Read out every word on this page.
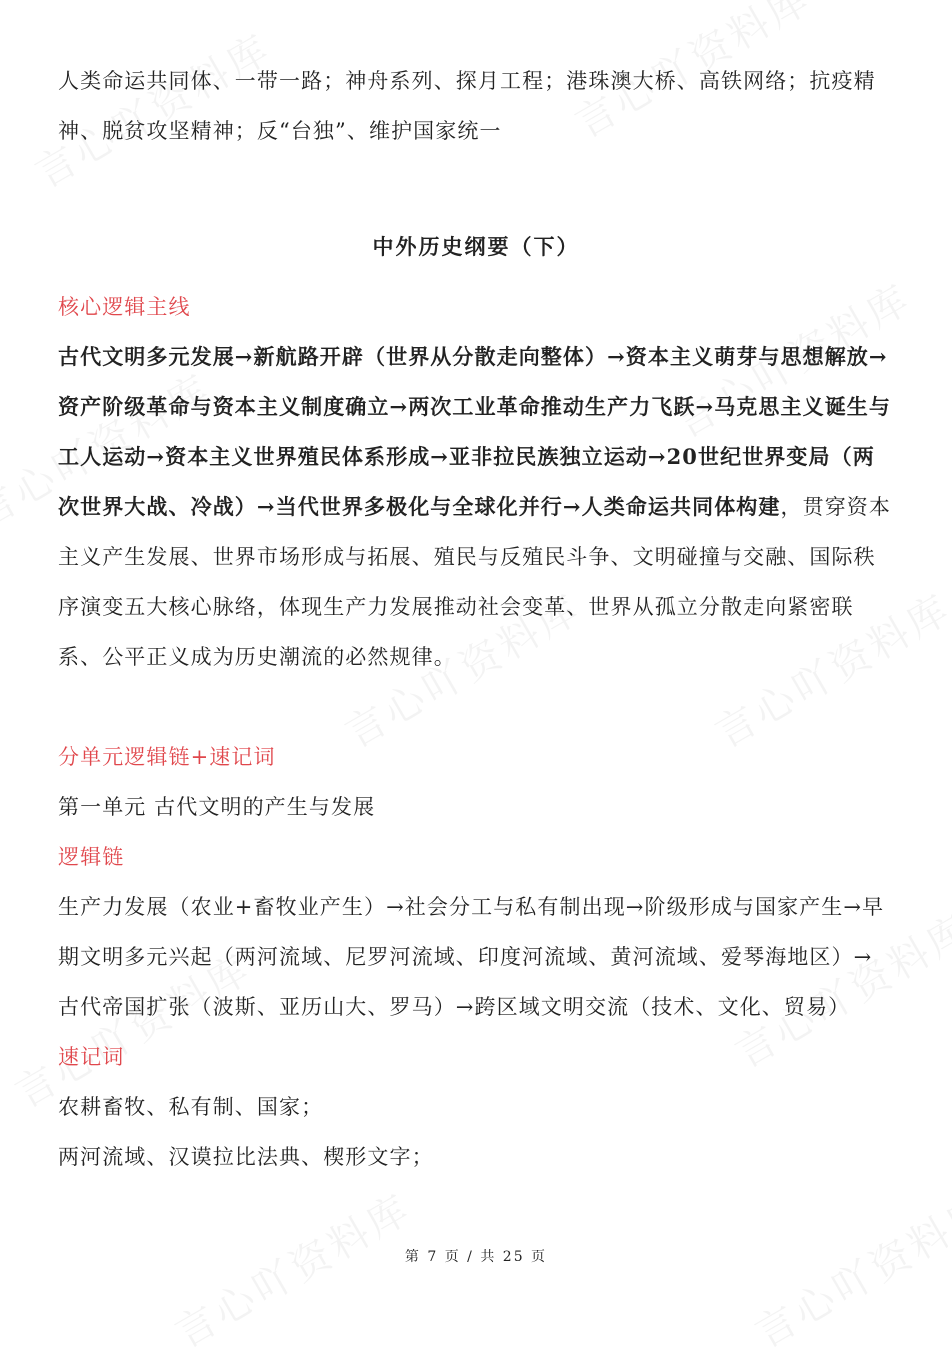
人类命运共同体、一带一路；神舟系列、探月工程；港珠澳大桥、高铁网络；抗疫精神、脱贫攻坚精神；反“台独”、维护国家统一

中外历史纲要（下）

核心逻辑主线

古代文明多元发展→新航路开辟（世界从分散走向整体）→资本主义萌芽与思想解放→资产阶级革命与资本主义制度确立→两次工业革命推动生产力飞跃→马克思主义诞生与工人运动→资本主义世界殖民体系形成→亚非拉民族独立运动→20世纪世界变局（两次世界大战、冷战）→当代世界多极化与全球化并行→人类命运共同体构建，贯穿资本主义产生发展、世界市场形成与拓展、殖民与反殖民斗争、文明碰撞与交融、国际秩序演变五大核心脉络，体现生产力发展推动社会变革、世界从孤立分散走向紧密联系、公平正义成为历史潮流的必然规律。

分单元逻辑链+速记词

第一单元 古代文明的产生与发展

逻辑链

生产力发展（农业+畜牧业产生）→社会分工与私有制出现→阶级形成与国家产生→早期文明多元兴起（两河流域、尼罗河流域、印度河流域、黄河流域、爱琴海地区）→古代帝国扩张（波斯、亚历山大、罗马）→跨区域文明交流（技术、文化、贸易）

速记词

农耕畜牧、私有制、国家；

两河流域、汉谟拉比法典、楔形文字；

第 7 页 / 共 25 页
